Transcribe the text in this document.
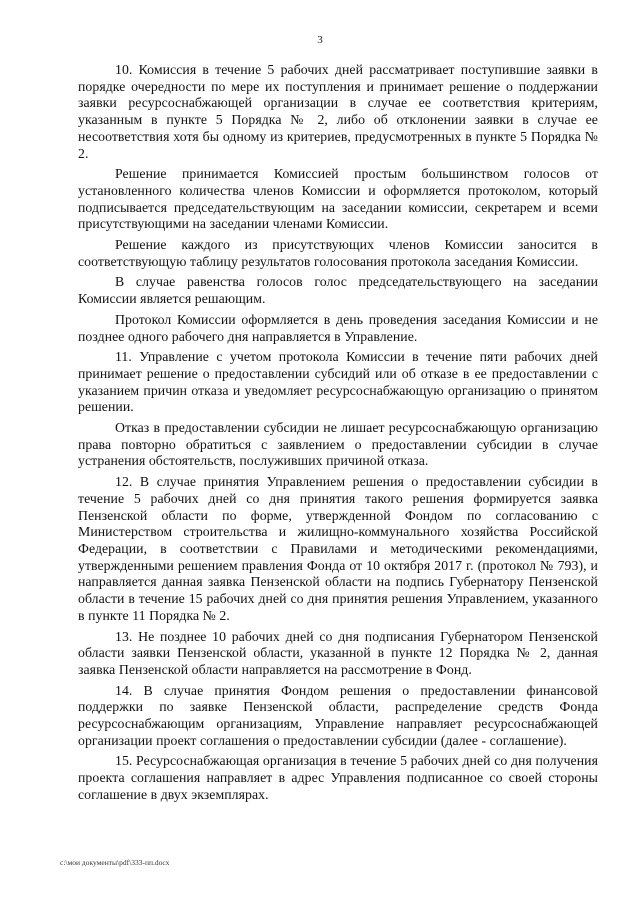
3

10. Комиссия в течение 5 рабочих дней рассматривает поступившие заявки в порядке очередности по мере их поступления и принимает решение о поддержании заявки ресурсоснабжающей организации в случае ее соответствия критериям, указанным в пункте 5 Порядка № 2, либо об отклонении заявки в случае ее несоответствия хотя бы одному из критериев, предусмотренных в пункте 5 Порядка № 2.

Решение принимается Комиссией простым большинством голосов от установленного количества членов Комиссии и оформляется протоколом, который подписывается председательствующим на заседании комиссии, секретарем и всеми присутствующими на заседании членами Комиссии.

Решение каждого из присутствующих членов Комиссии заносится в соответствующую таблицу результатов голосования протокола заседания Комиссии.

В случае равенства голосов голос председательствующего на заседании Комиссии является решающим.

Протокол Комиссии оформляется в день проведения заседания Комиссии и не позднее одного рабочего дня направляется в Управление.

11. Управление с учетом протокола Комиссии в течение пяти рабочих дней принимает решение о предоставлении субсидий или об отказе в ее предоставлении с указанием причин отказа и уведомляет ресурсоснабжающую организацию о принятом решении.

Отказ в предоставлении субсидии не лишает ресурсоснабжающую организацию права повторно обратиться с заявлением о предоставлении субсидии в случае устранения обстоятельств, послуживших причиной отказа.

12. В случае принятия Управлением решения о предоставлении субсидии в течение 5 рабочих дней со дня принятия такого решения формируется заявка Пензенской области по форме, утвержденной Фондом по согласованию с Министерством строительства и жилищно-коммунального хозяйства Российской Федерации, в соответствии с Правилами и методическими рекомендациями, утвержденными решением правления Фонда от 10 октября 2017 г. (протокол № 793), и направляется данная заявка Пензенской области на подпись Губернатору Пензенской области в течение 15 рабочих дней со дня принятия решения Управлением, указанного в пункте 11 Порядка № 2.

13. Не позднее 10 рабочих дней со дня подписания Губернатором Пензенской области заявки Пензенской области, указанной в пункте 12 Порядка № 2, данная заявка Пензенской области направляется на рассмотрение в Фонд.

14. В случае принятия Фондом решения о предоставлении финансовой поддержки по заявке Пензенской области, распределение средств Фонда ресурсоснабжающим организациям, Управление направляет ресурсоснабжающей организации проект соглашения о предоставлении субсидии (далее - соглашение).

15. Ресурсоснабжающая организация в течение 5 рабочих дней со дня получения проекта соглашения направляет в адрес Управления подписанное со своей стороны соглашение в двух экземплярах.

c:\мои документы\pdf\333-пп.docx
